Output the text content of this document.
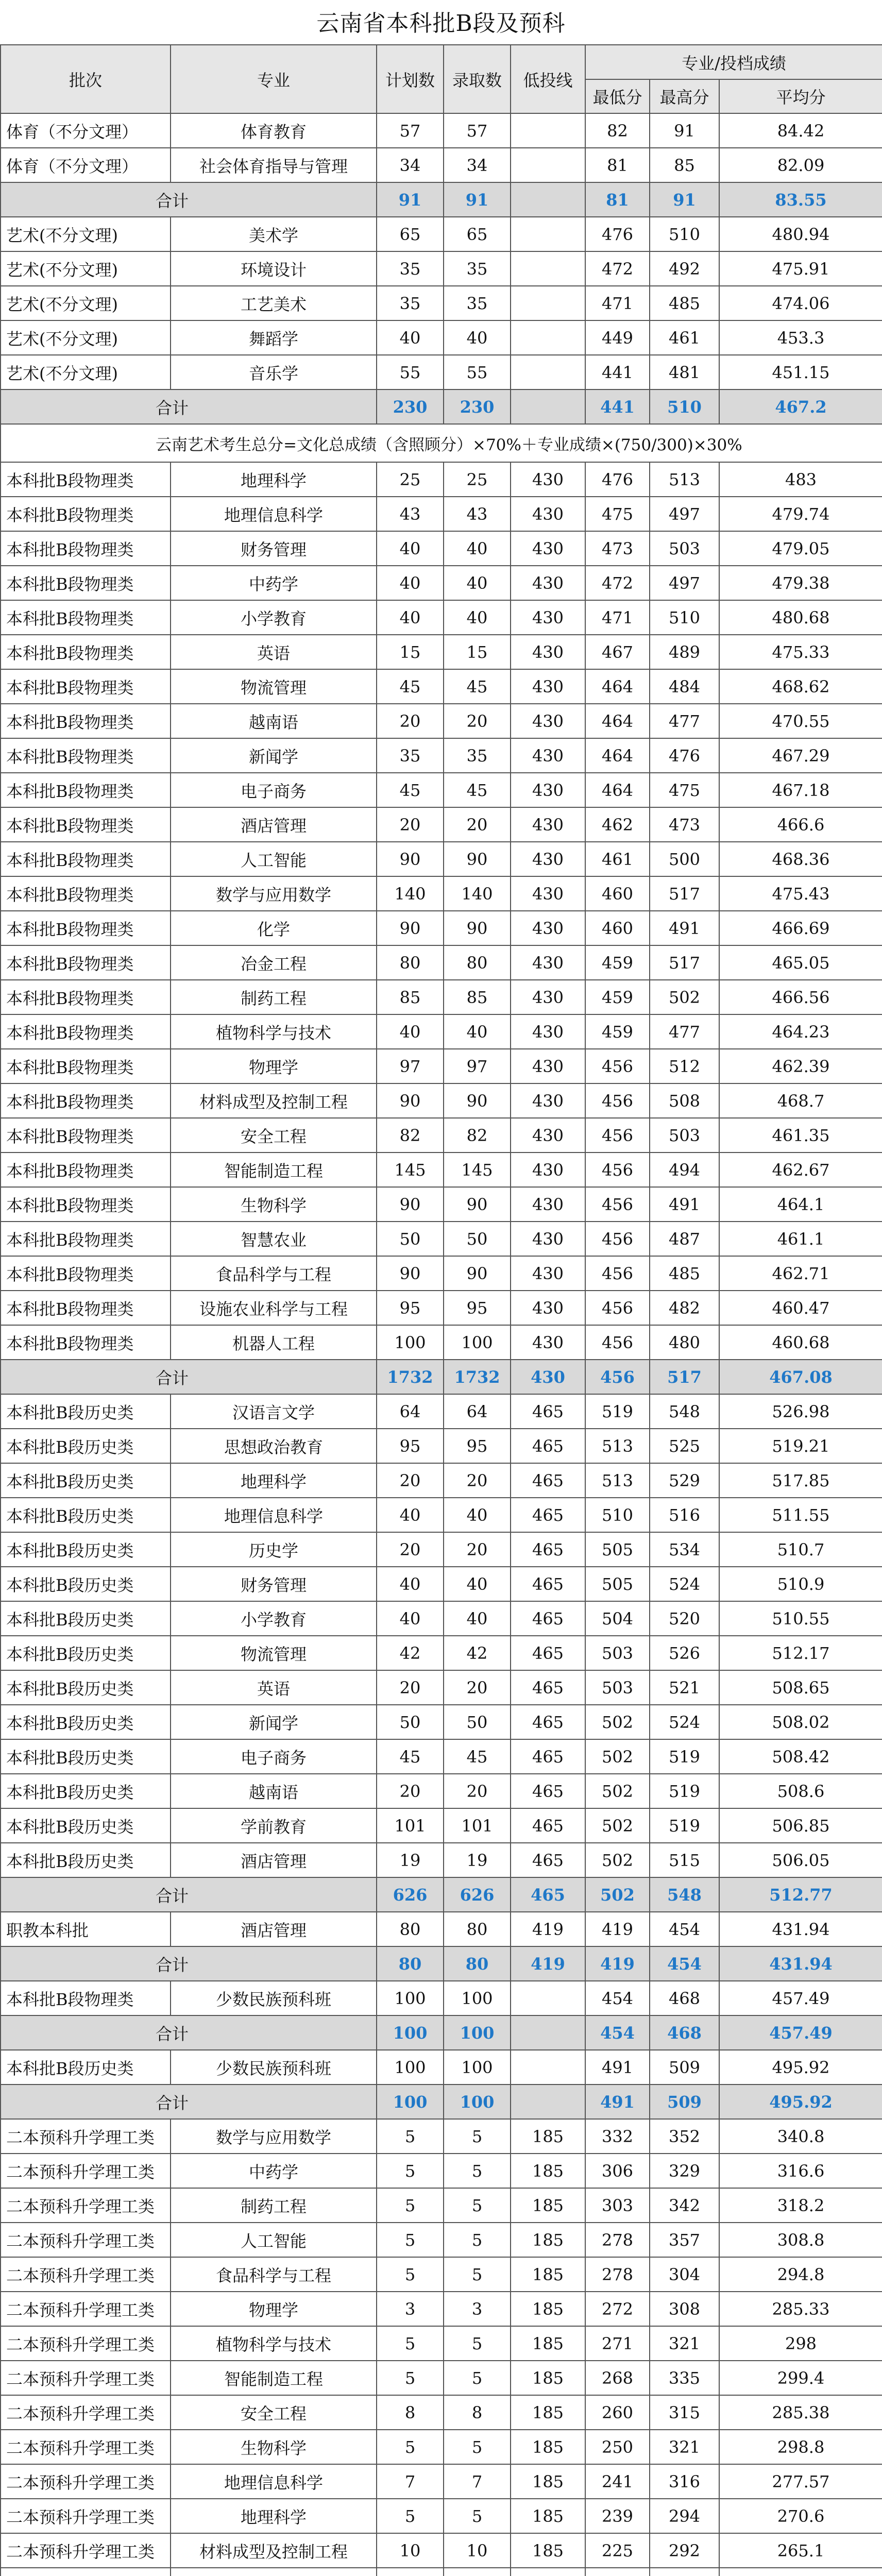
云南省本科批B段及预科
批次	专业	计划数	录取数	低投线	专业/投档成绩		
					最低分	最高分	平均分
体育（不分文理）	体育教育	57	57		82	91	84.42
体育（不分文理）	社会体育指导与管理	34	34		81	85	82.09
合计		91	91		81	91	83.55
艺术(不分文理)	美术学	65	65		476	510	480.94
艺术(不分文理)	环境设计	35	35		472	492	475.91
艺术(不分文理)	工艺美术	35	35		471	485	474.06
艺术(不分文理)	舞蹈学	40	40		449	461	453.3
艺术(不分文理)	音乐学	55	55		441	481	451.15
合计		230	230		441	510	467.2
云南艺术考生总分=文化总成绩（含照顾分）×70%＋专业成绩×(750/300)×30%							
本科批B段物理类	地理科学	25	25	430	476	513	483
本科批B段物理类	地理信息科学	43	43	430	475	497	479.74
本科批B段物理类	财务管理	40	40	430	473	503	479.05
本科批B段物理类	中药学	40	40	430	472	497	479.38
本科批B段物理类	小学教育	40	40	430	471	510	480.68
本科批B段物理类	英语	15	15	430	467	489	475.33
本科批B段物理类	物流管理	45	45	430	464	484	468.62
本科批B段物理类	越南语	20	20	430	464	477	470.55
本科批B段物理类	新闻学	35	35	430	464	476	467.29
本科批B段物理类	电子商务	45	45	430	464	475	467.18
本科批B段物理类	酒店管理	20	20	430	462	473	466.6
本科批B段物理类	人工智能	90	90	430	461	500	468.36
本科批B段物理类	数学与应用数学	140	140	430	460	517	475.43
本科批B段物理类	化学	90	90	430	460	491	466.69
本科批B段物理类	冶金工程	80	80	430	459	517	465.05
本科批B段物理类	制药工程	85	85	430	459	502	466.56
本科批B段物理类	植物科学与技术	40	40	430	459	477	464.23
本科批B段物理类	物理学	97	97	430	456	512	462.39
本科批B段物理类	材料成型及控制工程	90	90	430	456	508	468.7
本科批B段物理类	安全工程	82	82	430	456	503	461.35
本科批B段物理类	智能制造工程	145	145	430	456	494	462.67
本科批B段物理类	生物科学	90	90	430	456	491	464.1
本科批B段物理类	智慧农业	50	50	430	456	487	461.1
本科批B段物理类	食品科学与工程	90	90	430	456	485	462.71
本科批B段物理类	设施农业科学与工程	95	95	430	456	482	460.47
本科批B段物理类	机器人工程	100	100	430	456	480	460.68
合计		1732	1732	430	456	517	467.08
本科批B段历史类	汉语言文学	64	64	465	519	548	526.98
本科批B段历史类	思想政治教育	95	95	465	513	525	519.21
本科批B段历史类	地理科学	20	20	465	513	529	517.85
本科批B段历史类	地理信息科学	40	40	465	510	516	511.55
本科批B段历史类	历史学	20	20	465	505	534	510.7
本科批B段历史类	财务管理	40	40	465	505	524	510.9
本科批B段历史类	小学教育	40	40	465	504	520	510.55
本科批B段历史类	物流管理	42	42	465	503	526	512.17
本科批B段历史类	英语	20	20	465	503	521	508.65
本科批B段历史类	新闻学	50	50	465	502	524	508.02
本科批B段历史类	电子商务	45	45	465	502	519	508.42
本科批B段历史类	越南语	20	20	465	502	519	508.6
本科批B段历史类	学前教育	101	101	465	502	519	506.85
本科批B段历史类	酒店管理	19	19	465	502	515	506.05
合计		626	626	465	502	548	512.77
职教本科批	酒店管理	80	80	419	419	454	431.94
合计		80	80	419	419	454	431.94
本科批B段物理类	少数民族预科班	100	100		454	468	457.49
合计		100	100		454	468	457.49
本科批B段历史类	少数民族预科班	100	100		491	509	495.92
合计		100	100		491	509	495.92
二本预科升学理工类	数学与应用数学	5	5	185	332	352	340.8
二本预科升学理工类	中药学	5	5	185	306	329	316.6
二本预科升学理工类	制药工程	5	5	185	303	342	318.2
二本预科升学理工类	人工智能	5	5	185	278	357	308.8
二本预科升学理工类	食品科学与工程	5	5	185	278	304	294.8
二本预科升学理工类	物理学	3	3	185	272	308	285.33
二本预科升学理工类	植物科学与技术	5	5	185	271	321	298
二本预科升学理工类	智能制造工程	5	5	185	268	335	299.4
二本预科升学理工类	安全工程	8	8	185	260	315	285.38
二本预科升学理工类	生物科学	5	5	185	250	321	298.8
二本预科升学理工类	地理信息科学	7	7	185	241	316	277.57
二本预科升学理工类	地理科学	5	5	185	239	294	270.6
二本预科升学理工类	材料成型及控制工程	10	10	185	225	292	265.1
